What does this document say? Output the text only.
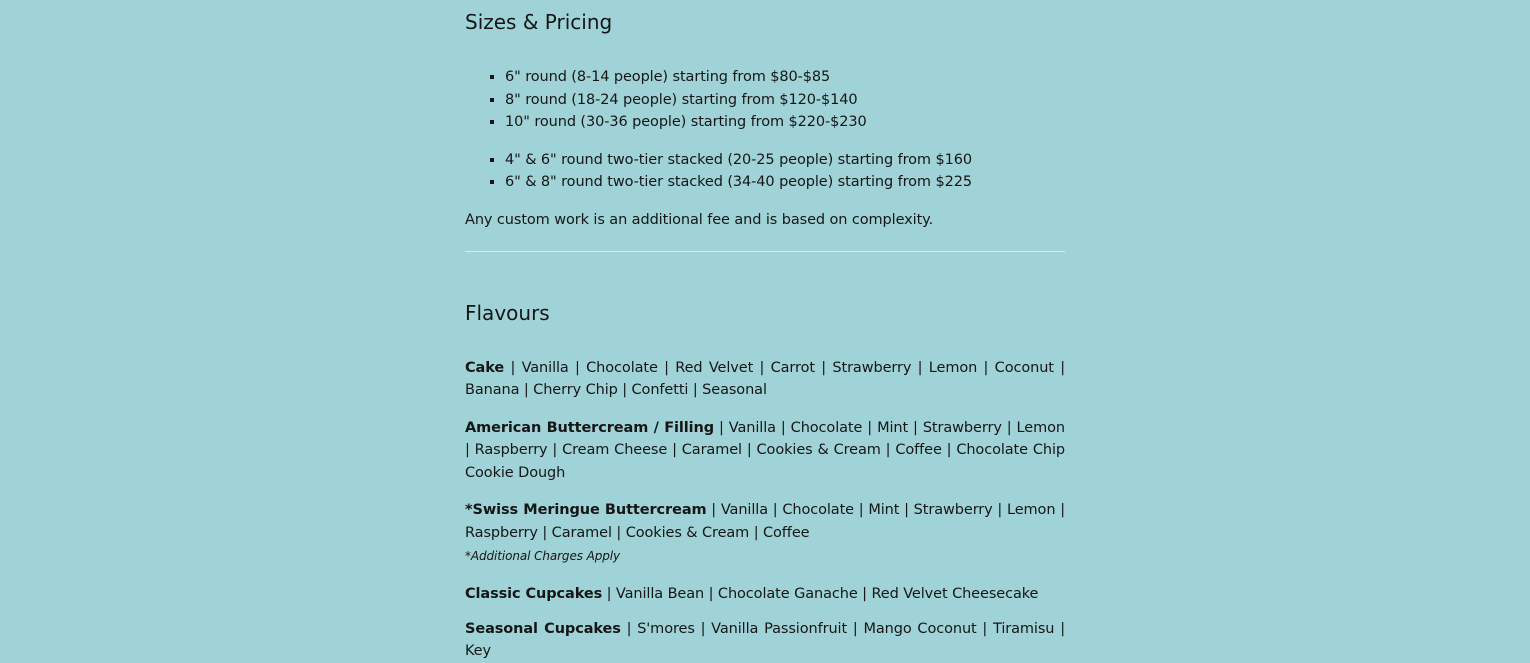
Sizes & Pricing
▪ 6" round (8-14 people) starting from $80-$85
▪ 8" round (18-24 people) starting from $120-$140
▪ 10" round (30-36 people) starting from $220-$230
▪ 4" & 6" round two-tier stacked (20-25 people) starting from $160
▪ 6" & 8" round two-tier stacked (34-40 people) starting from $225
Any custom work is an additional fee and is based on complexity.
Flavours
Cake | Vanilla | Chocolate | Red Velvet | Carrot | Strawberry | Lemon | Coconut | Banana | Cherry Chip | Confetti | Seasonal
American Buttercream / Filling | Vanilla | Chocolate | Mint | Strawberry | Lemon | Raspberry | Cream Cheese | Caramel | Cookies & Cream | Coffee | Chocolate Chip Cookie Dough
*Swiss Meringue Buttercream | Vanilla | Chocolate | Mint | Strawberry | Lemon | Raspberry | Caramel | Cookies & Cream | Coffee
*Additional Charges Apply
Classic Cupcakes | Vanilla Bean | Chocolate Ganache | Red Velvet Cheesecake
Seasonal Cupcakes | S'mores | Vanilla Passionfruit | Mango Coconut | Tiramisu | Key
